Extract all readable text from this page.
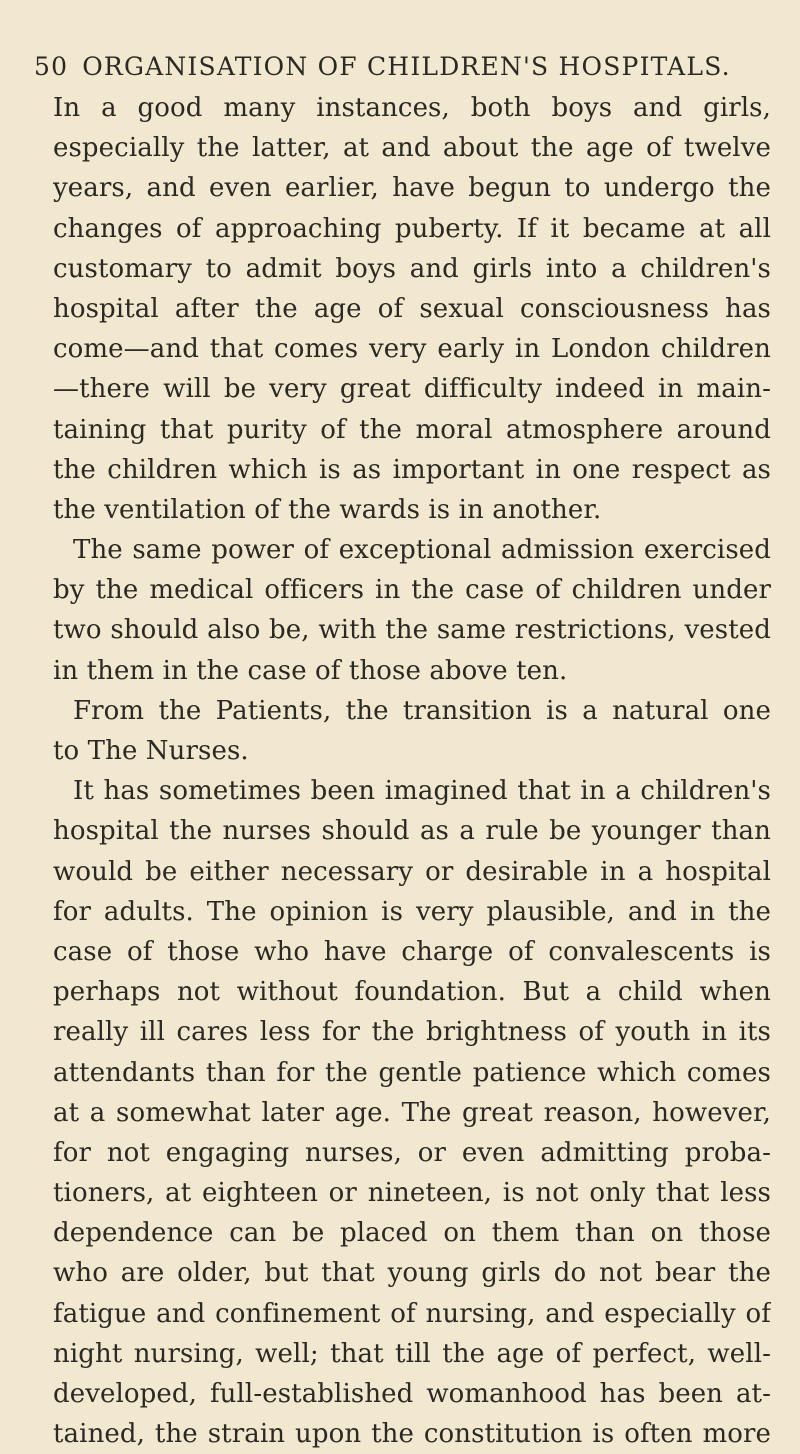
50 ORGANISATION OF CHILDREN'S HOSPITALS.
In a good many instances, both boys and girls,
especially the latter, at and about the age of twelve
years, and even earlier, have begun to undergo the
changes of approaching puberty. If it became at all
customary to admit boys and girls into a children's
hospital after the age of sexual consciousness has
come—and that comes very early in London children
—there will be very great difficulty indeed in main-
taining that purity of the moral atmosphere around
the children which is as important in one respect as
the ventilation of the wards is in another.
The same power of exceptional admission exercised
by the medical officers in the case of children under
two should also be, with the same restrictions, vested
in them in the case of those above ten.
From the Patients, the transition is a natural one
to The Nurses.
It has sometimes been imagined that in a children's
hospital the nurses should as a rule be younger than
would be either necessary or desirable in a hospital
for adults. The opinion is very plausible, and in the
case of those who have charge of convalescents is
perhaps not without foundation. But a child when
really ill cares less for the brightness of youth in its
attendants than for the gentle patience which comes
at a somewhat later age. The great reason, however,
for not engaging nurses, or even admitting proba-
tioners, at eighteen or nineteen, is not only that less
dependence can be placed on them than on those
who are older, but that young girls do not bear the
fatigue and confinement of nursing, and especially of
night nursing, well; that till the age of perfect, well-
developed, full-established womanhood has been at-
tained, the strain upon the constitution is often more
